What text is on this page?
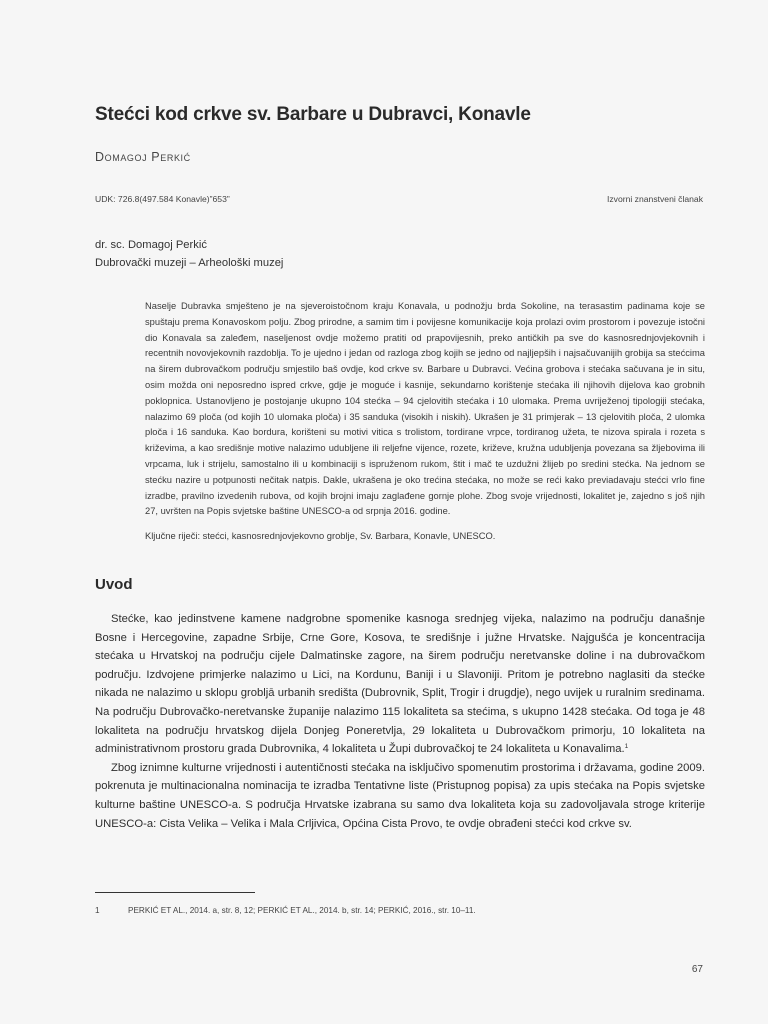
Stećci kod crkve sv. Barbare u Dubravci, Konavle
Domagoj Perkić
UDK: 726.8(497.584 Konavle)”653”	Izvorni znanstveni članak
dr. sc. Domagoj Perkić
Dubrovački muzeji – Arheološki muzej

Naselje Dubravka smješteno je na sjeveroistočnom kraju Konavala, u podnožju brda Sokoline, na terasastim padinama koje se spuštaju prema Konavoskom polju. Zbog prirodne, a samim tim i povijesne komunikacije koja prolazi ovim prostorom i povezuje istočni dio Konavala sa zaleđem, naseljenost ovdje možemo pratiti od prapovijesnih, preko antičkih pa sve do kasnosrednjovjekovnih i recentnih novovjekovnih razdoblja. To je ujedno i jedan od razloga zbog kojih se jedno od najljepših i najsačuvanijih grobija sa stećcima na širem dubrovačkom području smjestilo baš ovdje, kod crkve sv. Barbare u Dubravci. Većina grobova i stećaka sačuvana je in situ, osim možda oni neposredno ispred crkve, gdje je moguće i kasnije, sekundarno korištenje stećaka ili njihovih dijelova kao grobnih poklopnica. Ustanovljeno je postojanje ukupno 104 stećka – 94 cjelovitih stećaka i 10 ulomaka. Prema uvriježenoj tipologiji stećaka, nalazimo 69 ploča (od kojih 10 ulomaka ploča) i 35 sanduka (visokih i niskih). Ukrašen je 31 primjerak – 13 cjelovitih ploča, 2 ulomka ploča i 16 sanduka. Kao bordura, korišteni su motivi vitica s trolistom, tordirane vrpce, tordiranog užeta, te nizova spirala i rozeta s križevima, a kao središnje motive nalazimo udubljene ili reljefne vijence, rozete, križeve, kružna udubljenja povezana sa žljebovima ili vrpcama, luk i strijelu, samostalno ili u kombinaciji s ispruženom rukom, štit i mač te uzdužni žlijeb po sredini stećka. Na jednom se stećku nazire u potpunosti nečitak natpis. Dakle, ukrašena je oko trećina stećaka, no može se reći kako previadavaju stećci vrlo fine izradbe, pravilno izvedenih rubova, od kojih brojni imaju zaglađene gornje plohe. Zbog svoje vrijednosti, lokalitet je, zajedno s još njih 27, uvršten na Popis svjetske baštine UNESCO-a od srpnja 2016. godine.

Ključne riječi: stećci, kasnosrednjovjekovno groblje, Sv. Barbara, Konavle, UNESCO.
Uvod

Stećke, kao jedinstvene kamene nadgrobne spomenike kasnoga srednjeg vijeka, nalazimo na području današnje Bosne i Hercegovine, zapadne Srbije, Crne Gore, Kosova, te središnje i južne Hrvatske. Najgušća je koncentracija stećaka u Hrvatskoj na području cijele Dalmatinske zagore, na širem području neretvanske doline i na dubrovačkom području. Izdvojene primjerke nalazimo u Lici, na Kordunu, Baniji i u Slavoniji. Pritom je potrebno naglasiti da stećke nikada ne nalazimo u sklopu grobljā urbanih središta (Dubrovnik, Split, Trogir i drugdje), nego uvijek u ruralnim sredinama. Na području Dubrovačko-neretvanske županije nalazimo 115 lokaliteta sa stećima, s ukupno 1428 stećaka. Od toga je 48 lokaliteta na području hrvatskog dijela Donjeg Poneretvlja, 29 lokaliteta u Dubrovačkom primorju, 10 lokaliteta na administrativnom prostoru grada Dubrovnika, 4 lokaliteta u Župi dubrovačkoj te 24 lokaliteta u Konavalima.$^1$

Zbog iznimne kulturne vrijednosti i autentičnosti stećaka na isključivo spomenutim prostorima i državama, godine 2009. pokrenuta je multinacionalna nominacija te izradba Tentativne liste (Pristupnog popisa) za upis stećaka na Popis svjetske kulturne baštine UNESCO-a. S područja Hrvatske izabrana su samo dva lokaliteta koja su zadovoljavala stroge kriterije UNESCO-a: Cista Velika – Velika i Mala Crljivica, Općina Cista Provo, te ovdje obrađeni stećci kod crkve sv.

1	PERKIĆ ET AL., 2014. a, str. 8, 12; PERKIĆ ET AL., 2014. b, str. 14; PERKIĆ, 2016., str. 10–11.
67
